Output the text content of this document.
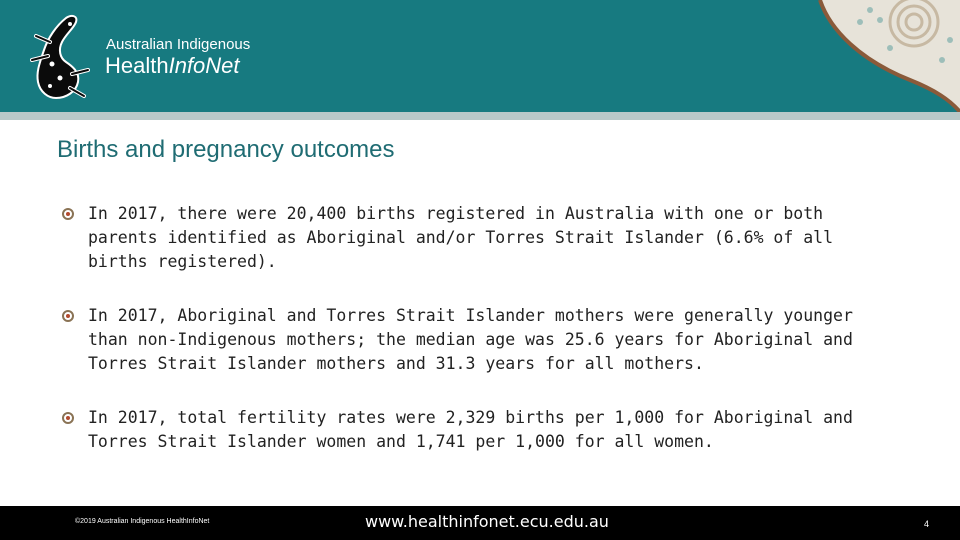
Australian Indigenous
HealthInfoNet
Births and pregnancy outcomes
In 2017, there were 20,400 births registered in Australia with one or both parents identified as Aboriginal and/or Torres Strait Islander (6.6% of all births registered).
In 2017, Aboriginal and Torres Strait Islander mothers were generally younger than non-Indigenous mothers; the median age was 25.6 years for Aboriginal and Torres Strait Islander mothers and 31.3 years for all mothers.
In 2017, total fertility rates were 2,329 births per 1,000 for Aboriginal and Torres Strait Islander women and 1,741 per 1,000 for all women.
©2019 Australian Indigenous HealthInfoNet	www.healthinfonet.ecu.edu.au	4
